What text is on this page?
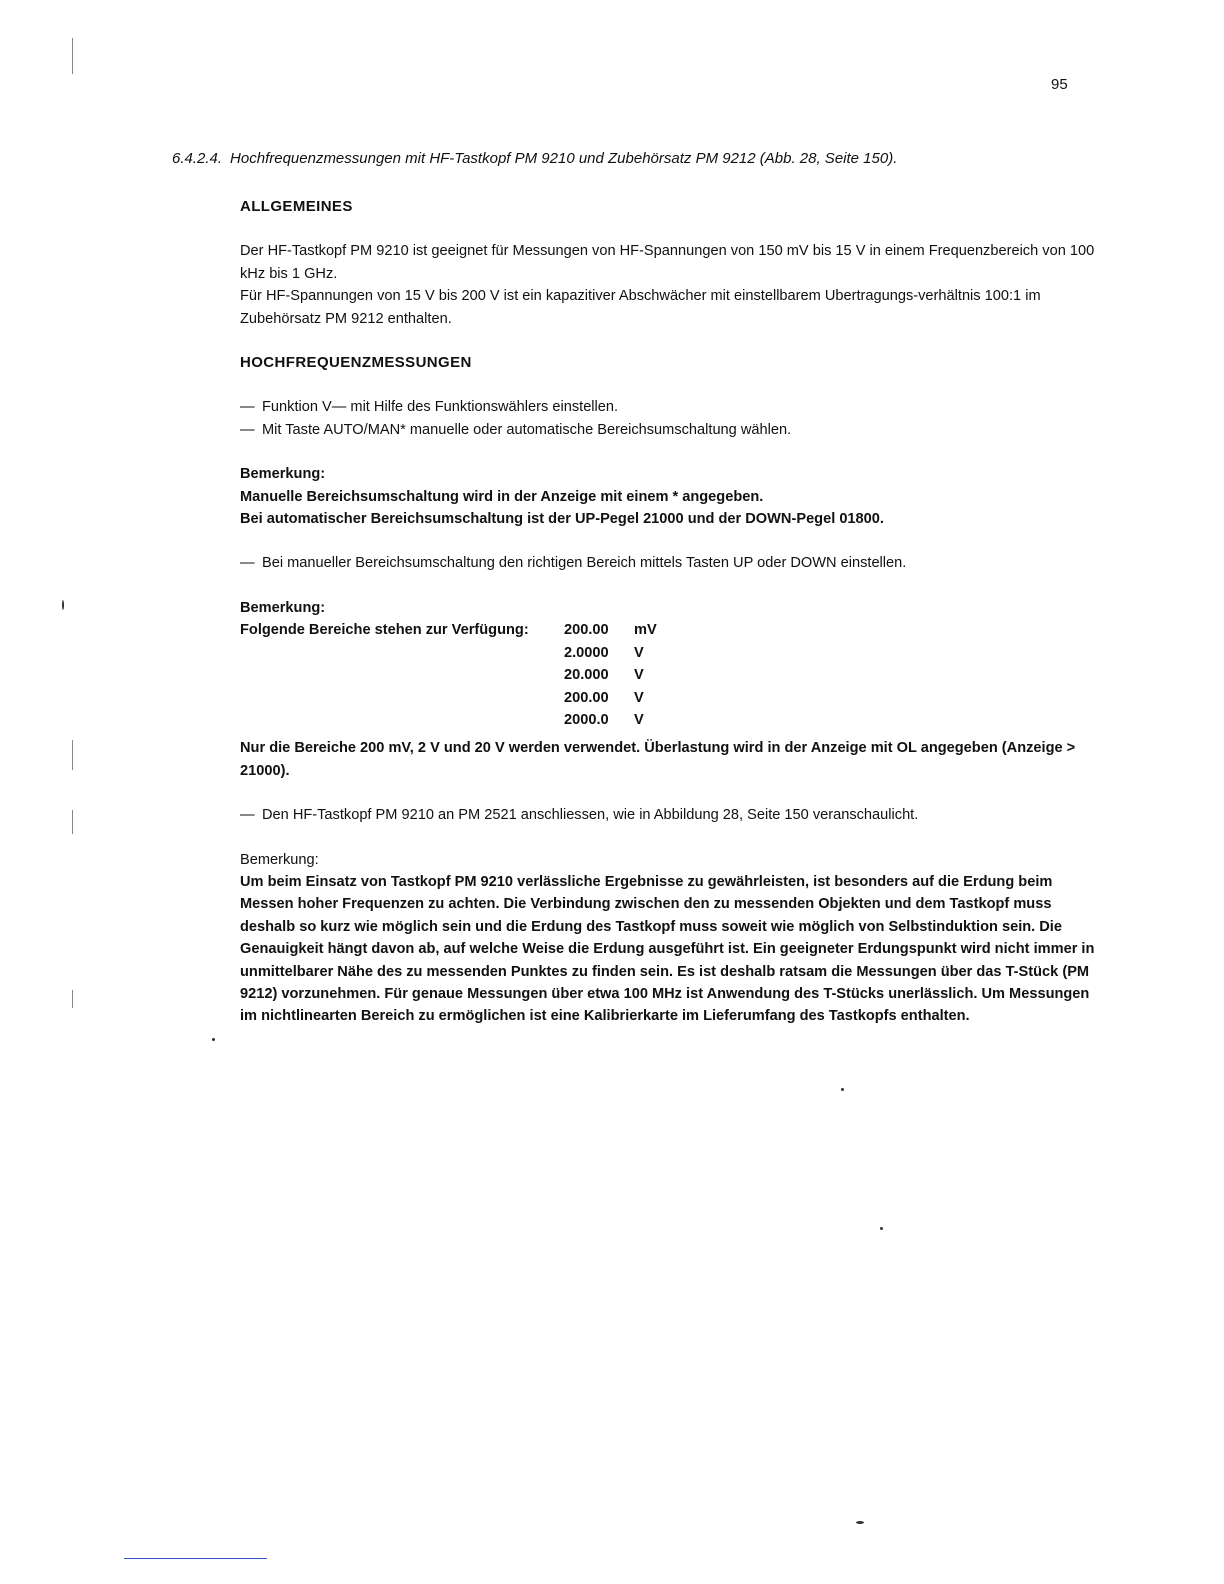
95
6.4.2.4. Hochfrequenzmessungen mit HF-Tastkopf PM 9210 und Zubehörsatz PM 9212 (Abb. 28, Seite 150).
ALLGEMEINES

Der HF-Tastkopf PM 9210 ist geeignet für Messungen von HF-Spannungen von 150 mV bis 15 V in einem Frequenzbereich von 100 kHz bis 1 GHz.

Für HF-Spannungen von 15 V bis 200 V ist ein kapazitiver Abschwächer mit einstellbarem Ubertragungs-verhältnis 100:1 im Zubehörsatz PM 9212 enthalten.

HOCHFREQUENZMESSUNGEN

— Funktion V— mit Hilfe des Funktionswählers einstellen.

— Mit Taste AUTO/MAN* manuelle oder automatische Bereichsumschaltung wählen.

Bemerkung:

Manuelle Bereichsumschaltung wird in der Anzeige mit einem * angegeben.

Bei automatischer Bereichsumschaltung ist der UP-Pegel 21000 und der DOWN-Pegel 01800.

— Bei manueller Bereichsumschaltung den richtigen Bereich mittels Tasten UP oder DOWN einstellen.

Bemerkung:

Folgende Bereiche stehen zur Verfügung:	200.00	mV
2.0000	V
20.000	V
200.00	V
2000.0	V

Nur die Bereiche 200 mV, 2 V und 20 V werden verwendet. Überlastung wird in der Anzeige mit OL angegeben (Anzeige > 21000).

— Den HF-Tastkopf PM 9210 an PM 2521 anschliessen, wie in Abbildung 28, Seite 150 veranschaulicht.

Bemerkung:

Um beim Einsatz von Tastkopf PM 9210 verlässliche Ergebnisse zu gewährleisten, ist besonders auf die Erdung beim Messen hoher Frequenzen zu achten. Die Verbindung zwischen den zu messenden Objekten und dem Tastkopf muss deshalb so kurz wie möglich sein und die Erdung des Tastkopf muss soweit wie möglich von Selbstinduktion sein. Die Genauigkeit hängt davon ab, auf welche Weise die Erdung ausgeführt ist. Ein geeigneter Erdungspunkt wird nicht immer in unmittelbarer Nähe des zu messenden Punktes zu finden sein. Es ist deshalb ratsam die Messungen über das T-Stück (PM 9212) vorzunehmen. Für genaue Messungen über etwa 100 MHz ist Anwendung des T-Stücks unerlässlich. Um Messungen im nichtlinearten Bereich zu ermöglichen ist eine Kalibrierkarte im Lieferumfang des Tastkopfs enthalten.
